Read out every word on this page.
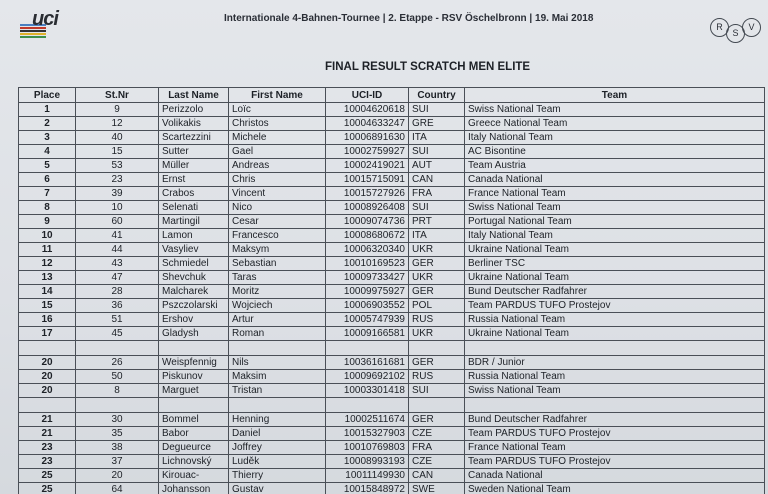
uci	Internationale 4-Bahnen-Tournee | 2. Etappe - RSV Öschelbronn | 19. Mai 2018
R
S
V
FINAL RESULT SCRATCH MEN ELITE
Place	St.Nr	Last Name	First Name	UCI-ID	Country	Team
1	9	Perizzolo	Loïc	10004620618	SUI	Swiss National Team
2	12	Volikakis	Christos	10004633247	GRE	Greece National Team
3	40	Scartezzini	Michele	10006891630	ITA	Italy National Team
4	15	Sutter	Gael	10002759927	SUI	AC Bisontine
5	53	Müller	Andreas	10002419021	AUT	Team Austria
6	23	Ernst	Chris	10015715091	CAN	Canada National
7	39	Crabos	Vincent	10015727926	FRA	France National Team
8	10	Selenati	Nico	10008926408	SUI	Swiss National Team
9	60	Martingil	Cesar	10009074736	PRT	Portugal National Team
10	41	Lamon	Francesco	10008680672	ITA	Italy National Team
11	44	Vasyliev	Maksym	10006320340	UKR	Ukraine National Team
12	43	Schmiedel	Sebastian	10010169523	GER	Berliner TSC
13	47	Shevchuk	Taras	10009733427	UKR	Ukraine National Team
14	28	Malcharek	Moritz	10009975927	GER	Bund Deutscher Radfahrer
15	36	Pszczolarski	Wojciech	10006903552	POL	Team PARDUS TUFO Prostejov
16	51	Ershov	Artur	10005747939	RUS	Russia National Team
17	45	Gladysh	Roman	10009166581	UKR	Ukraine National Team

20	26	Weispfennig	Nils	10036161681	GER	BDR / Junior
20	50	Piskunov	Maksim	10009692102	RUS	Russia National Team
20	8	Marguet	Tristan	10003301418	SUI	Swiss National Team

21	30	Bommel	Henning	10002511674	GER	Bund Deutscher Radfahrer
21	35	Babor	Daniel	10015327903	CZE	Team PARDUS TUFO Prostejov
23	38	Degueurce	Joffrey	10010769803	FRA	France National Team
23	37	Lichnovský	Luděk	10008993193	CZE	Team PARDUS TUFO Prostejov
25	20	Kirouac-	Thierry	10011149930	CAN	Canada National
25	64	Johansson	Gustav	10015848972	SWE	Sweden National Team
